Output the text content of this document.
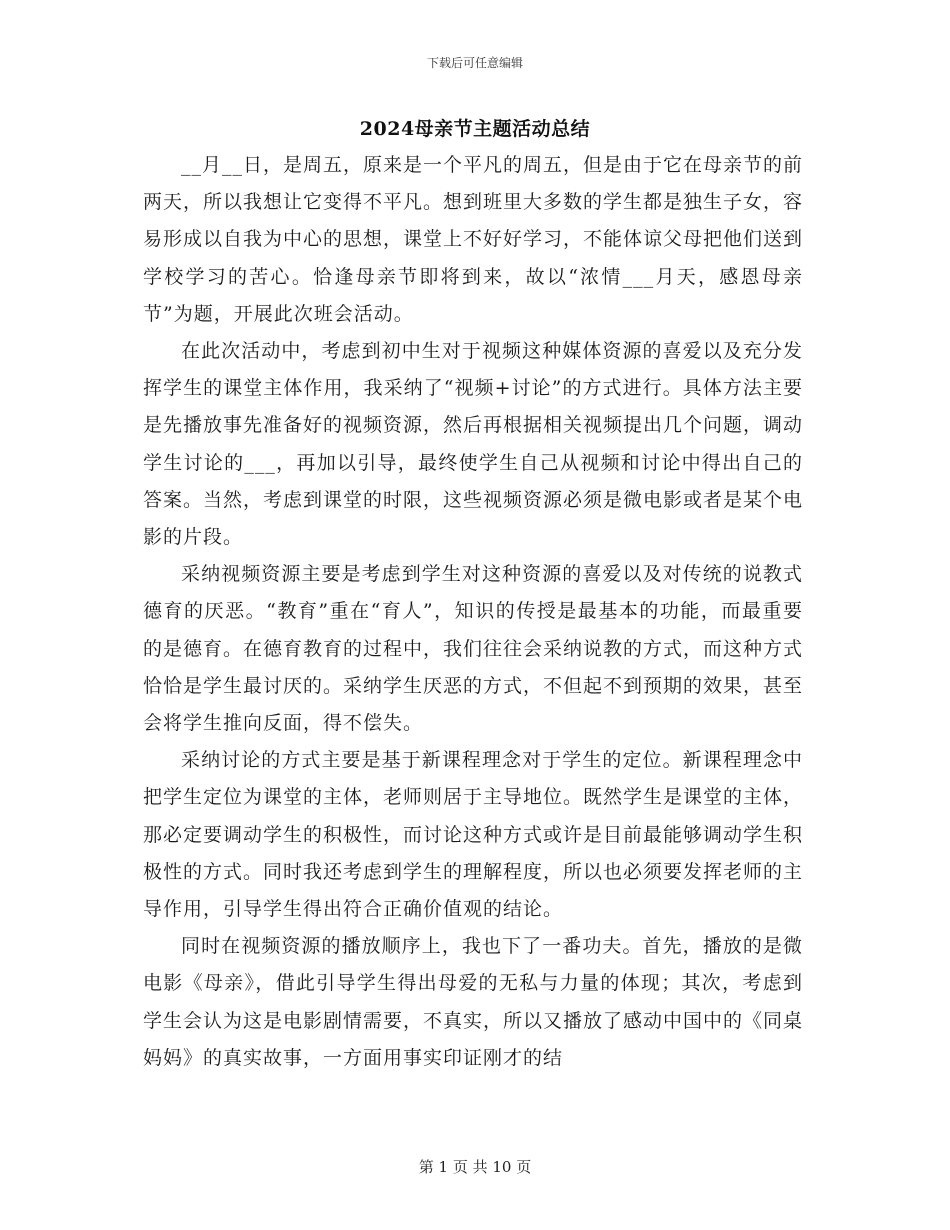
下载后可任意编辑
2024母亲节主题活动总结

__月__日，是周五，原来是一个平凡的周五，但是由于它在母亲节的前两天，所以我想让它变得不平凡。想到班里大多数的学生都是独生子女，容易形成以自我为中心的思想，课堂上不好好学习，不能体谅父母把他们送到学校学习的苦心。恰逢母亲节即将到来，故以“浓情___月天，感恩母亲节”为题，开展此次班会活动。

在此次活动中，考虑到初中生对于视频这种媒体资源的喜爱以及充分发挥学生的课堂主体作用，我采纳了“视频+讨论”的方式进行。具体方法主要是先播放事先准备好的视频资源，然后再根据相关视频提出几个问题，调动学生讨论的___，再加以引导，最终使学生自己从视频和讨论中得出自己的答案。当然，考虑到课堂的时限，这些视频资源必须是微电影或者是某个电影的片段。

采纳视频资源主要是考虑到学生对这种资源的喜爱以及对传统的说教式德育的厌恶。“教育”重在“育人”，知识的传授是最基本的功能，而最重要的是德育。在德育教育的过程中，我们往往会采纳说教的方式，而这种方式恰恰是学生最讨厌的。采纳学生厌恶的方式，不但起不到预期的效果，甚至会将学生推向反面，得不偿失。

采纳讨论的方式主要是基于新课程理念对于学生的定位。新课程理念中把学生定位为课堂的主体，老师则居于主导地位。既然学生是课堂的主体，那必定要调动学生的积极性，而讨论这种方式或许是目前最能够调动学生积极性的方式。同时我还考虑到学生的理解程度，所以也必须要发挥老师的主导作用，引导学生得出符合正确价值观的结论。

同时在视频资源的播放顺序上，我也下了一番功夫。首先，播放的是微电影《母亲》，借此引导学生得出母爱的无私与力量的体现；其次，考虑到学生会认为这是电影剧情需要，不真实，所以又播放了感动中国中的《同桌妈妈》的真实故事，一方面用事实印证刚才的结

第 1 页 共 10 页
